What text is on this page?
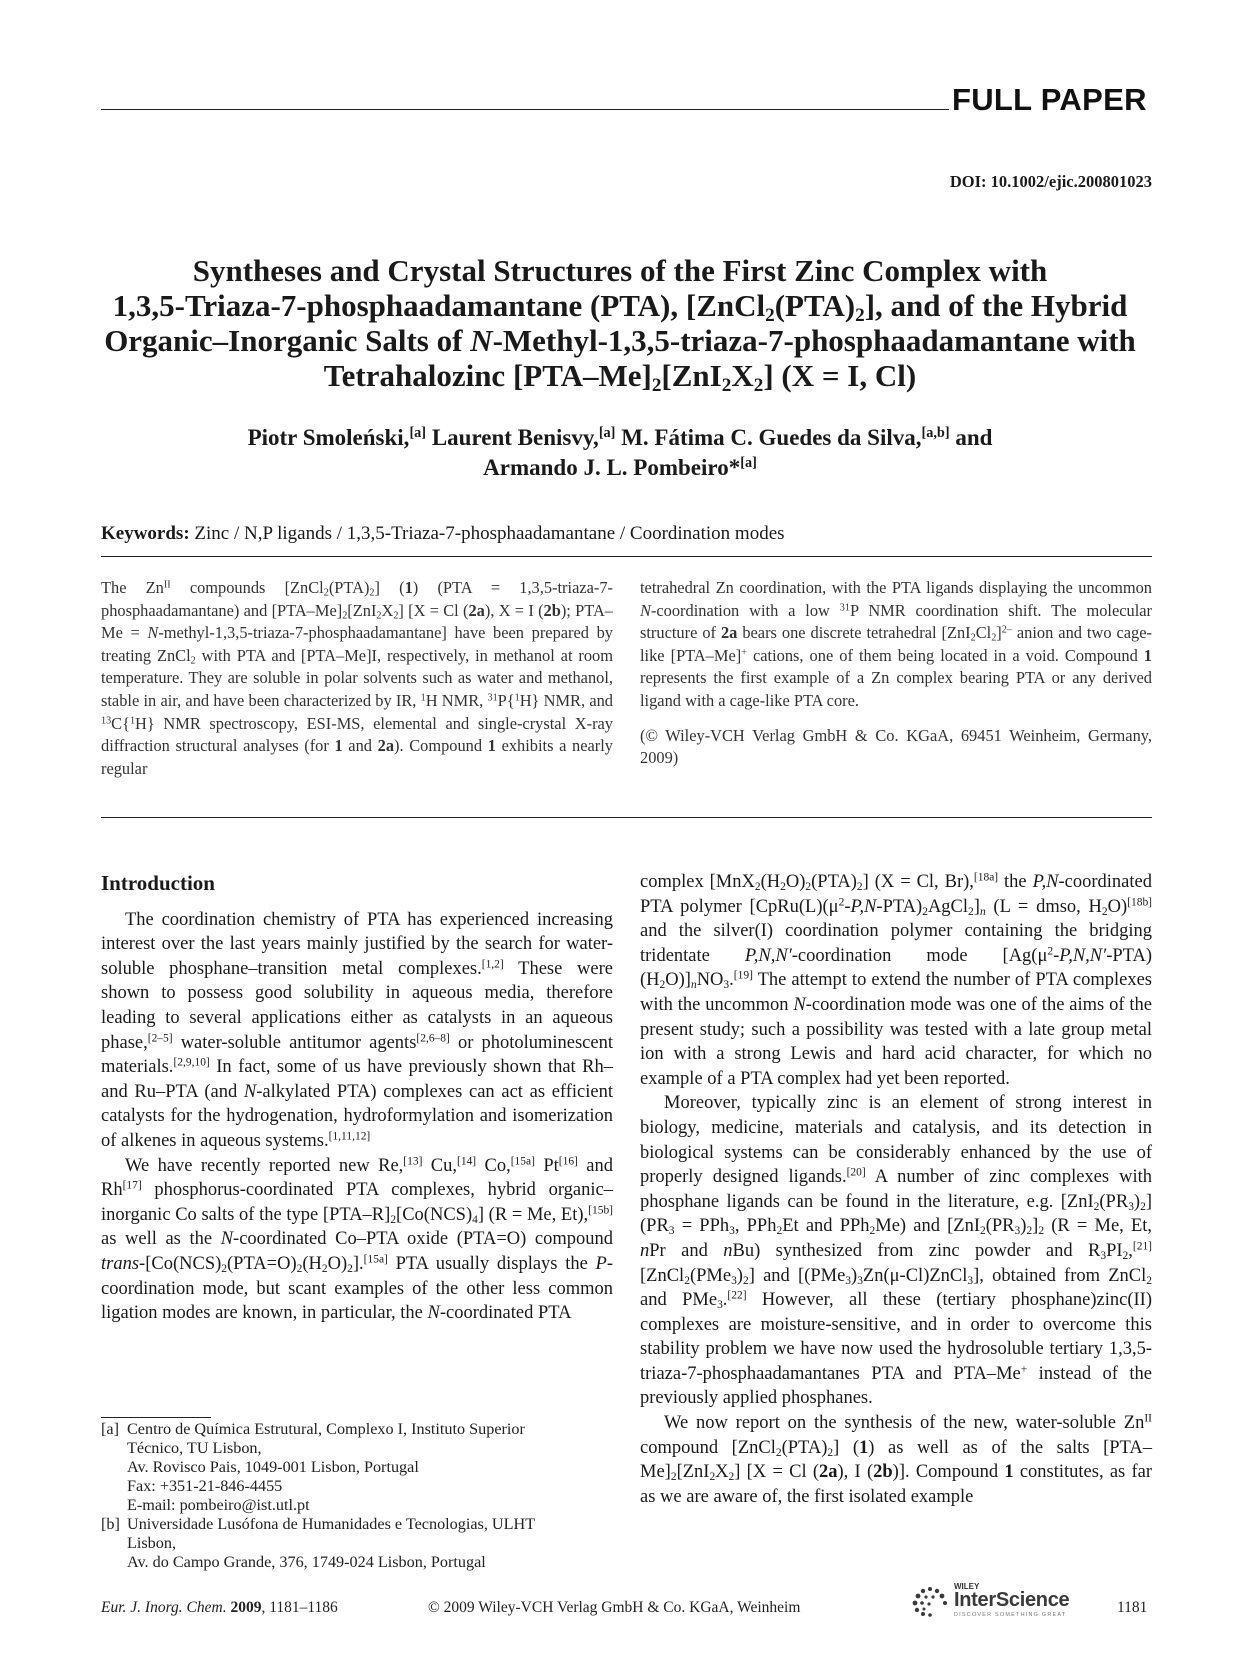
FULL PAPER
DOI: 10.1002/ejic.200801023
Syntheses and Crystal Structures of the First Zinc Complex with
1,3,5-Triaza-7-phosphaadamantane (PTA), $[ZnCl_2(PTA)_2]$, and of the Hybrid
Organic–Inorganic Salts of N-Methyl-1,3,5-triaza-7-phosphaadamantane with
Tetrahalozinc $[PTA-Me]_2[ZnI_2X_2] (X = I$, Cl)
Piotr Smoleński,[a] Laurent Benisvy,[a] M. Fátima C. Guedes da Silva,[a,b] and
Armando J. L. Pombeiro*[a]
Keywords: Zinc / N,P ligands / 1,3,5-Triaza-7-phosphaadamantane / Coordination modes

The $Zn^{II}$ compounds $[ZnCl_2(PTA)_2]$ (1) (PTA = 1,3,5-triaza-7-phosphaadamantane) and $[PTA-Me]_2[ZnI_2X_2] [X = Cl$ (2a), X = I (2b); PTA–Me = N-methyl-1,3,5-triaza-7-phosphaadamantane] have been prepared by treating ZnCl$_2$ with PTA and [PTA–Me]I, respectively, in methanol at room temperature. They are soluble in polar solvents such as water and methanol, stable in air, and have been characterized by IR, $^1$H NMR, $^{31}$P{$^1$H} NMR, and $^{13}$C{$^1$H} NMR spectroscopy, ESI-MS, elemental and single-crystal X-ray diffraction structural analyses (for 1 and 2a). Compound 1 exhibits a nearly regular

tetrahedral Zn coordination, with the PTA ligands displaying the uncommon N-coordination with a low $^{31}$P NMR coordination shift. The molecular structure of 2a bears one discrete tetrahedral $[ZnI_2Cl_2]^{2-}$ anion and two cage-like [PTA–Me]+ cations, one of them being located in a void. Compound 1 represents the first example of a Zn complex bearing PTA or any derived ligand with a cage-like PTA core.

(© Wiley-VCH Verlag GmbH & Co. KGaA, 69451 Weinheim, Germany, 2009)

Introduction

The coordination chemistry of PTA has experienced increasing interest over the last years mainly justified by the search for water-soluble phosphane–transition metal complexes.[1,2] These were shown to possess good solubility in aqueous media, therefore leading to several applications either as catalysts in an aqueous phase,[2–5] water-soluble antitumor agents[2,6–8] or photoluminescent materials.[2,9,10] In fact, some of us have previously shown that Rh– and Ru–PTA (and N-alkylated PTA) complexes can act as efficient catalysts for the hydrogenation, hydroformylation and isomerization of alkenes in aqueous systems.[1,11,12]

We have recently reported new Re,[13] Cu,[14] Co,[15a] Pt[16] and Rh[17] phosphorus-coordinated PTA complexes, hybrid organic–inorganic Co salts of the type $[PTA-R]_2[Co(NCS)_4] (R = Me$, Et),[15b] as well as the N-coordinated Co–PTA oxide (PTA=O) compound trans-$[Co(NCS)_2(PTA=O)_2(H_2O)_2].[15a]$ PTA usually displays the P-coordination mode, but scant examples of the other less common ligation modes are known, in particular, the N-coordinated PTA

complex $[MnX_2(H_2O)_2(PTA)_2] (X = Cl$, Br),[18a] the P,N-coordinated PTA polymer $[CpRu(L)(\mu^2-P,N-PTA)_2AgCl_2]_n$ (L = dmso, $H_2O)[18b]$ and the silver(I) coordination polymer containing the bridging tridentate P,N,N′-coordination mode $[Ag(\mu^2-P,N,N'-PTA)(H_2O)]_nNO_3.[19]$ The attempt to extend the number of PTA complexes with the uncommon N-coordination mode was one of the aims of the present study; such a possibility was tested with a late group metal ion with a strong Lewis and hard acid character, for which no example of a PTA complex had yet been reported.

Moreover, typically zinc is an element of strong interest in biology, medicine, materials and catalysis, and its detection in biological systems can be considerably enhanced by the use of properly designed ligands.[20] A number of zinc complexes with phosphane ligands can be found in the literature, e.g. $[ZnI_2(PR_3)_2] (PR_3 = PPh_3$, PPh$_2$Et and PPh$_2$Me) and $[ZnI_2(PR_3)_2]_2$ (R = Me, Et, nPr and nBu) synthesized from zinc powder and $R_3PI_2,[21]$ $[ZnCl_2(PMe_3)_2]$ and $[(PMe_3)_3Zn(\mu-Cl)ZnCl_3]$, obtained from ZnCl$_2$ and PMe$_3$.[22] However, all these (tertiary phosphane)zinc(II) complexes are moisture-sensitive, and in order to overcome this stability problem we have now used the hydrosoluble tertiary 1,3,5-triaza-7-phosphaadamantanes PTA and PTA–Me+ instead of the previously applied phosphanes.

We now report on the synthesis of the new, water-soluble $Zn^{II}$ compound $[ZnCl_2(PTA)_2]$ (1) as well as of the salts $[PTA-Me]_2[ZnI_2X_2] [X = Cl$ (2a), I (2b)]. Compound 1 constitutes, as far as we are aware of, the first isolated example

[a] Centro de Química Estrutural, Complexo I, Instituto Superior
Técnico, TU Lisbon,
Av. Rovisco Pais, 1049-001 Lisbon, Portugal
Fax: +351-21-846-4455
E-mail: pombeiro@ist.utl.pt
[b] Universidade Lusófona de Humanidades e Tecnologias, ULHT
Lisbon,
Av. do Campo Grande, 376, 1749-024 Lisbon, Portugal
Eur. J. Inorg. Chem. 2009, 1181–1186	© 2009 Wiley-VCH Verlag GmbH & Co. KGaA, Weinheim
WILEY
InterScience
DISCOVER SOMETHING GREAT	1181
